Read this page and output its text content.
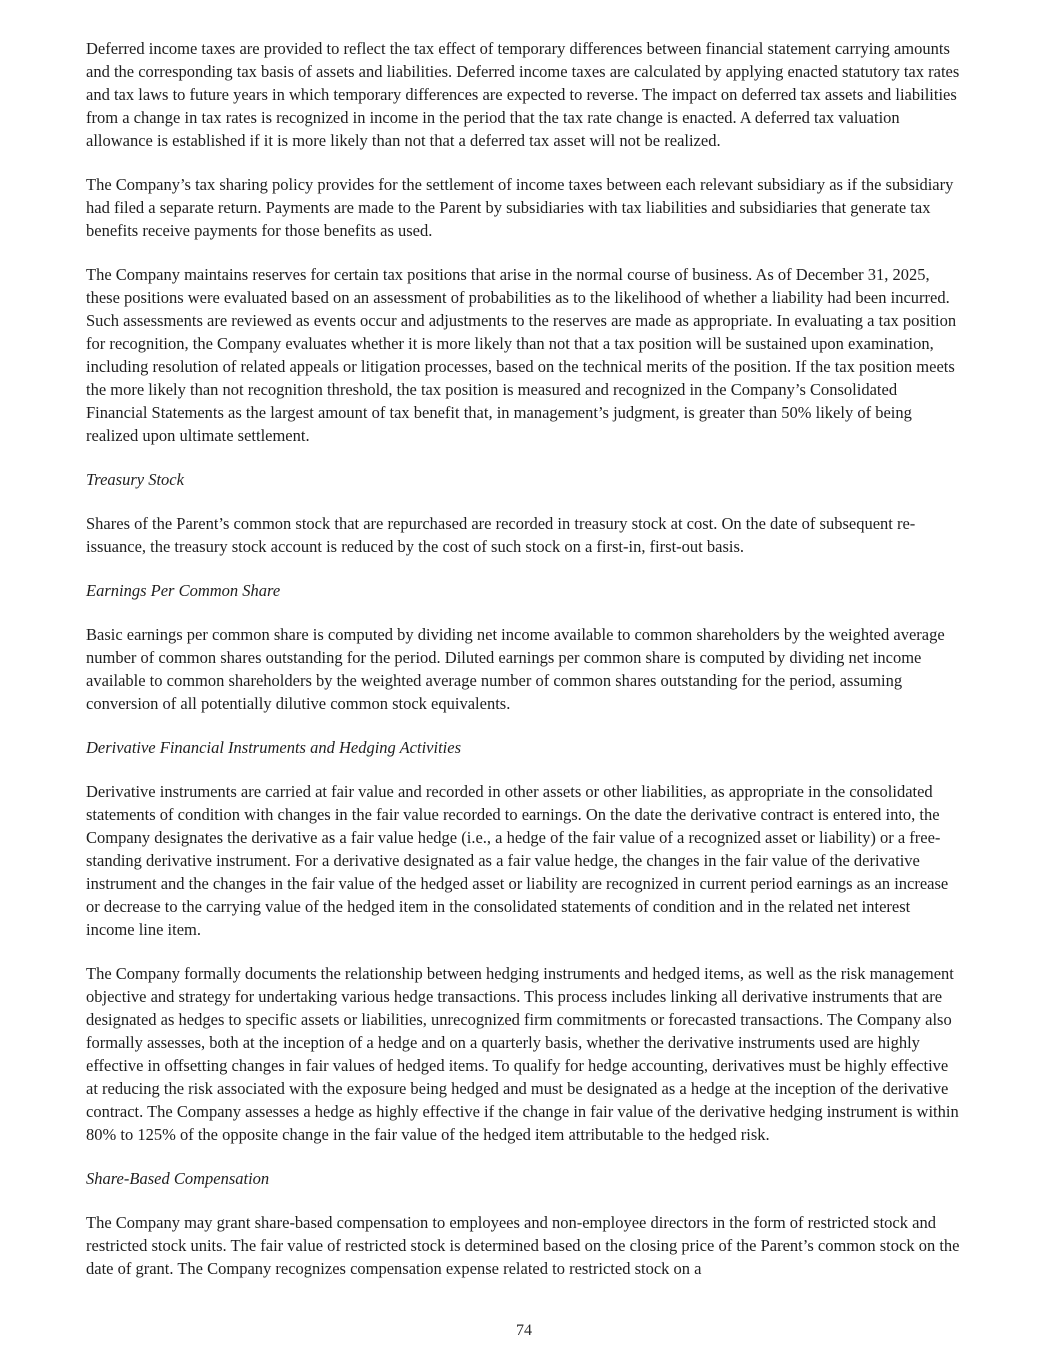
Deferred income taxes are provided to reflect the tax effect of temporary differences between financial statement carrying amounts and the corresponding tax basis of assets and liabilities. Deferred income taxes are calculated by applying enacted statutory tax rates and tax laws to future years in which temporary differences are expected to reverse. The impact on deferred tax assets and liabilities from a change in tax rates is recognized in income in the period that the tax rate change is enacted. A deferred tax valuation allowance is established if it is more likely than not that a deferred tax asset will not be realized.

The Company’s tax sharing policy provides for the settlement of income taxes between each relevant subsidiary as if the subsidiary had filed a separate return. Payments are made to the Parent by subsidiaries with tax liabilities and subsidiaries that generate tax benefits receive payments for those benefits as used.

The Company maintains reserves for certain tax positions that arise in the normal course of business. As of December 31, 2025, these positions were evaluated based on an assessment of probabilities as to the likelihood of whether a liability had been incurred. Such assessments are reviewed as events occur and adjustments to the reserves are made as appropriate. In evaluating a tax position for recognition, the Company evaluates whether it is more likely than not that a tax position will be sustained upon examination, including resolution of related appeals or litigation processes, based on the technical merits of the position. If the tax position meets the more likely than not recognition threshold, the tax position is measured and recognized in the Company’s Consolidated Financial Statements as the largest amount of tax benefit that, in management’s judgment, is greater than 50% likely of being realized upon ultimate settlement.

Treasury Stock

Shares of the Parent’s common stock that are repurchased are recorded in treasury stock at cost. On the date of subsequent re-issuance, the treasury stock account is reduced by the cost of such stock on a first-in, first-out basis.

Earnings Per Common Share

Basic earnings per common share is computed by dividing net income available to common shareholders by the weighted average number of common shares outstanding for the period. Diluted earnings per common share is computed by dividing net income available to common shareholders by the weighted average number of common shares outstanding for the period, assuming conversion of all potentially dilutive common stock equivalents.

Derivative Financial Instruments and Hedging Activities

Derivative instruments are carried at fair value and recorded in other assets or other liabilities, as appropriate in the consolidated statements of condition with changes in the fair value recorded to earnings. On the date the derivative contract is entered into, the Company designates the derivative as a fair value hedge (i.e., a hedge of the fair value of a recognized asset or liability) or a free-standing derivative instrument. For a derivative designated as a fair value hedge, the changes in the fair value of the derivative instrument and the changes in the fair value of the hedged asset or liability are recognized in current period earnings as an increase or decrease to the carrying value of the hedged item in the consolidated statements of condition and in the related net interest income line item.

The Company formally documents the relationship between hedging instruments and hedged items, as well as the risk management objective and strategy for undertaking various hedge transactions. This process includes linking all derivative instruments that are designated as hedges to specific assets or liabilities, unrecognized firm commitments or forecasted transactions. The Company also formally assesses, both at the inception of a hedge and on a quarterly basis, whether the derivative instruments used are highly effective in offsetting changes in fair values of hedged items. To qualify for hedge accounting, derivatives must be highly effective at reducing the risk associated with the exposure being hedged and must be designated as a hedge at the inception of the derivative contract. The Company assesses a hedge as highly effective if the change in fair value of the derivative hedging instrument is within 80% to 125% of the opposite change in the fair value of the hedged item attributable to the hedged risk.

Share-Based Compensation

The Company may grant share-based compensation to employees and non-employee directors in the form of restricted stock and restricted stock units. The fair value of restricted stock is determined based on the closing price of the Parent’s common stock on the date of grant. The Company recognizes compensation expense related to restricted stock on a

74
